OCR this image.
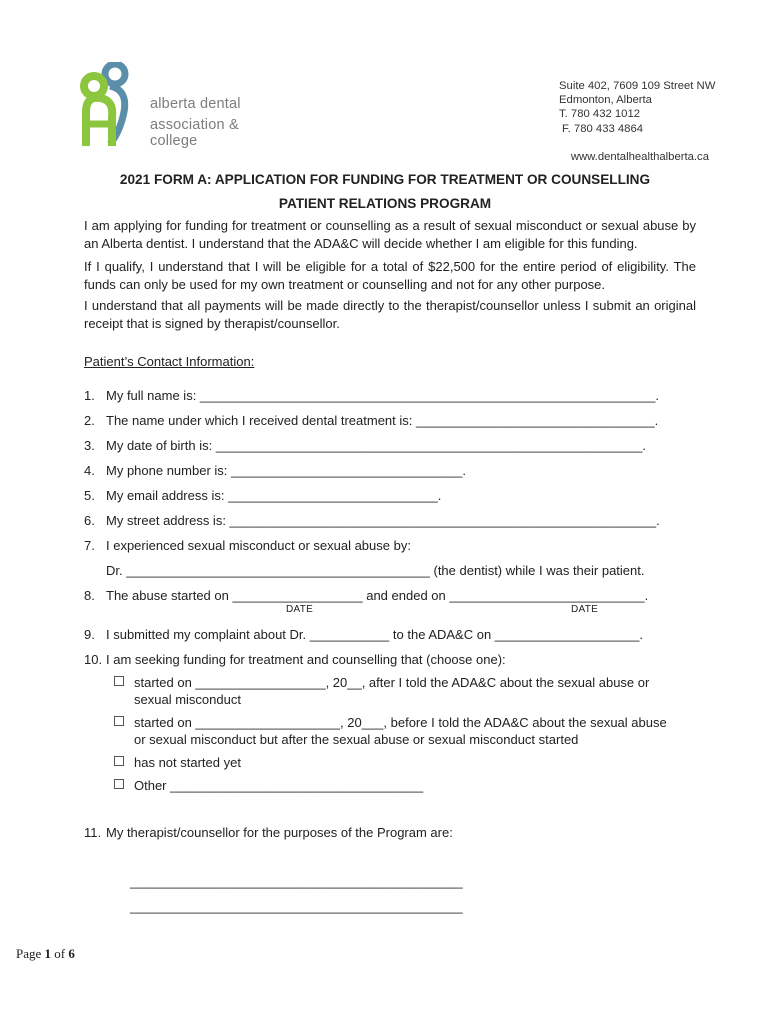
alberta dental
association & college
Suite 402, 7609 109 Street NW
Edmonton, Alberta
T. 780 432 1012
F. 780 433 4864
www.dentalhealthalberta.ca
2021 FORM A: APPLICATION FOR FUNDING FOR TREATMENT OR COUNSELLING
PATIENT RELATIONS PROGRAM
I am applying for funding for treatment or counselling as a result of sexual misconduct or sexual abuse by an Alberta dentist. I understand that the ADA&C will decide whether I am eligible for this funding.
If I qualify, I understand that I will be eligible for a total of $22,500 for the entire period of eligibility. The funds can only be used for my own treatment or counselling and not for any other purpose.
I understand that all payments will be made directly to the therapist/counsellor unless I submit an original receipt that is signed by therapist/counsellor.
Patient’s Contact Information:
1. My full name is: _______________________________________________________________.
2. The name under which I received dental treatment is: _________________________________.
3. My date of birth is: ___________________________________________________________.
4. My phone number is: ________________________________.
5. My email address is: _____________________________.
6. My street address is: ___________________________________________________________.
7. I experienced sexual misconduct or sexual abuse by:
Dr. __________________________________________ (the dentist) while I was their patient.
8. The abuse started on __________________ and ended on ___________________________.
DATE	DATE
9. I submitted my complaint about Dr. ___________ to the ADA&C on ____________________.
10. I am seeking funding for treatment and counselling that (choose one):
started on __________________, 20__, after I told the ADA&C about the sexual abuse or
sexual misconduct
started on ____________________, 20___, before I told the ADA&C about the sexual abuse
or sexual misconduct but after the sexual abuse or sexual misconduct started
has not started yet
Other ___________________________________
11. My therapist/counsellor for the purposes of the Program are:
______________________________________________
______________________________________________
Page 1 of 6
